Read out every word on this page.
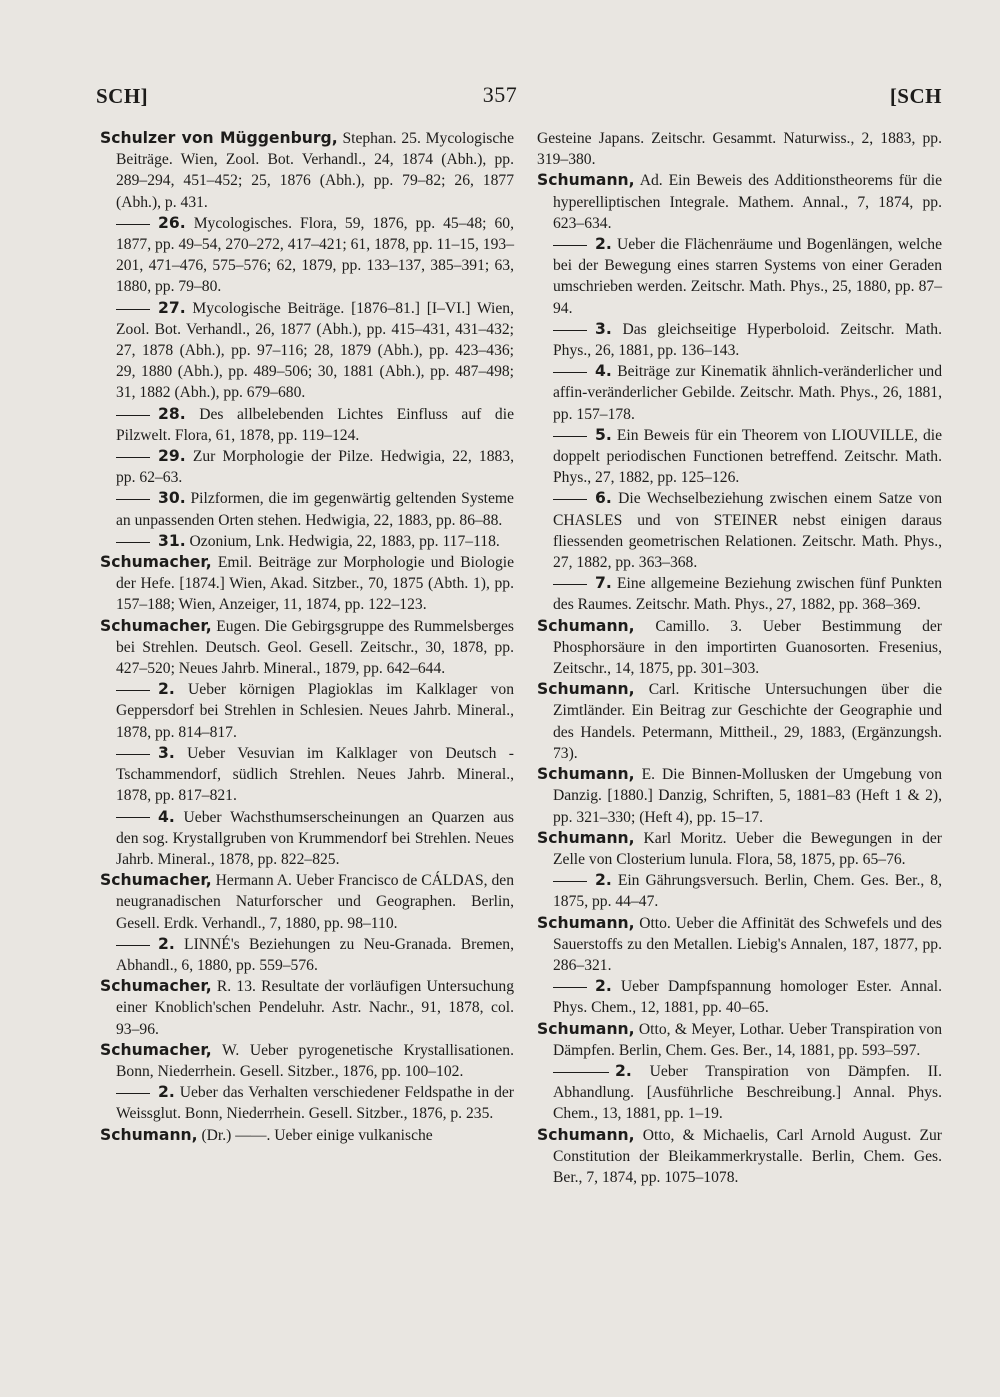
SCH]	357	[SCH

Schulzer von Müggenburg, Stephan. 25. Mycologische Beiträge. Wien, Zool. Bot. Verhandl., 24, 1874 (Abh.), pp. 289–294, 451–452; 25, 1876 (Abh.), pp. 79–82; 26, 1877 (Abh.), p. 431.

26. Mycologisches. Flora, 59, 1876, pp. 45–48; 60, 1877, pp. 49–54, 270–272, 417–421; 61, 1878, pp. 11–15, 193–201, 471–476, 575–576; 62, 1879, pp. 133–137, 385–391; 63, 1880, pp. 79–80.

27. Mycologische Beiträge. [1876–81.] [I–VI.] Wien, Zool. Bot. Verhandl., 26, 1877 (Abh.), pp. 415–431, 431–432; 27, 1878 (Abh.), pp. 97–116; 28, 1879 (Abh.), pp. 423–436; 29, 1880 (Abh.), pp. 489–506; 30, 1881 (Abh.), pp. 487–498; 31, 1882 (Abh.), pp. 679–680.

28. Des allbelebenden Lichtes Einfluss auf die Pilzwelt. Flora, 61, 1878, pp. 119–124.

29. Zur Morphologie der Pilze. Hedwigia, 22, 1883, pp. 62–63.

30. Pilzformen, die im gegenwärtig geltenden Systeme an unpassenden Orten stehen. Hedwigia, 22, 1883, pp. 86–88.

31. Ozonium, Lnk. Hedwigia, 22, 1883, pp. 117–118.

Schumacher, Emil. Beiträge zur Morphologie und Biologie der Hefe. [1874.] Wien, Akad. Sitzber., 70, 1875 (Abth. 1), pp. 157–188; Wien, Anzeiger, 11, 1874, pp. 122–123.

Schumacher, Eugen. Die Gebirgsgruppe des Rummelsberges bei Strehlen. Deutsch. Geol. Gesell. Zeitschr., 30, 1878, pp. 427–520; Neues Jahrb. Mineral., 1879, pp. 642–644.

2. Ueber körnigen Plagioklas im Kalklager von Geppersdorf bei Strehlen in Schlesien. Neues Jahrb. Mineral., 1878, pp. 814–817.

3. Ueber Vesuvian im Kalklager von Deutsch - Tschammendorf, südlich Strehlen. Neues Jahrb. Mineral., 1878, pp. 817–821.

4. Ueber Wachsthumserscheinungen an Quarzen aus den sog. Krystallgruben von Krummendorf bei Strehlen. Neues Jahrb. Mineral., 1878, pp. 822–825.

Schumacher, Hermann A. Ueber Francisco de CÁLDAS, den neugranadischen Naturforscher und Geographen. Berlin, Gesell. Erdk. Verhandl., 7, 1880, pp. 98–110.

2. LINNÉ's Beziehungen zu Neu-Granada. Bremen, Abhandl., 6, 1880, pp. 559–576.

Schumacher, R. 13. Resultate der vorläufigen Untersuchung einer Knoblich'schen Pendeluhr. Astr. Nachr., 91, 1878, col. 93–96.

Schumacher, W. Ueber pyrogenetische Krystallisationen. Bonn, Niederrhein. Gesell. Sitzber., 1876, pp. 100–102.

2. Ueber das Verhalten verschiedener Feldspathe in der Weissglut. Bonn, Niederrhein. Gesell. Sitzber., 1876, p. 235.

Schumann, (Dr.) ——. Ueber einige vulkanische

Gesteine Japans. Zeitschr. Gesammt. Naturwiss., 2, 1883, pp. 319–380.

Schumann, Ad. Ein Beweis des Additionstheorems für die hyperelliptischen Integrale. Mathem. Annal., 7, 1874, pp. 623–634.

2. Ueber die Flächenräume und Bogenlängen, welche bei der Bewegung eines starren Systems von einer Geraden umschrieben werden. Zeitschr. Math. Phys., 25, 1880, pp. 87–94.

3. Das gleichseitige Hyperboloid. Zeitschr. Math. Phys., 26, 1881, pp. 136–143.

4. Beiträge zur Kinematik ähnlich-veränderlicher und affin-veränderlicher Gebilde. Zeitschr. Math. Phys., 26, 1881, pp. 157–178.

5. Ein Beweis für ein Theorem von LIOUVILLE, die doppelt periodischen Functionen betreffend. Zeitschr. Math. Phys., 27, 1882, pp. 125–126.

6. Die Wechselbeziehung zwischen einem Satze von CHASLES und von STEINER nebst einigen daraus fliessenden geometrischen Relationen. Zeitschr. Math. Phys., 27, 1882, pp. 363–368.

7. Eine allgemeine Beziehung zwischen fünf Punkten des Raumes. Zeitschr. Math. Phys., 27, 1882, pp. 368–369.

Schumann, Camillo. 3. Ueber Bestimmung der Phosphorsäure in den importirten Guanosorten. Fresenius, Zeitschr., 14, 1875, pp. 301–303.

Schumann, Carl. Kritische Untersuchungen über die Zimtländer. Ein Beitrag zur Geschichte der Geographie und des Handels. Petermann, Mittheil., 29, 1883, (Ergänzungsh. 73).

Schumann, E. Die Binnen-Mollusken der Umgebung von Danzig. [1880.] Danzig, Schriften, 5, 1881–83 (Heft 1 & 2), pp. 321–330; (Heft 4), pp. 15–17.

Schumann, Karl Moritz. Ueber die Bewegungen in der Zelle von Closterium lunula. Flora, 58, 1875, pp. 65–76.

2. Ein Gährungsversuch. Berlin, Chem. Ges. Ber., 8, 1875, pp. 44–47.

Schumann, Otto. Ueber die Affinität des Schwefels und des Sauerstoffs zu den Metallen. Liebig's Annalen, 187, 1877, pp. 286–321.

2. Ueber Dampfspannung homologer Ester. Annal. Phys. Chem., 12, 1881, pp. 40–65.

Schumann, Otto, & Meyer, Lothar. Ueber Transpiration von Dämpfen. Berlin, Chem. Ges. Ber., 14, 1881, pp. 593–597.

2. Ueber Transpiration von Dämpfen. II. Abhandlung. [Ausführliche Beschreibung.] Annal. Phys. Chem., 13, 1881, pp. 1–19.

Schumann, Otto, & Michaelis, Carl Arnold August. Zur Constitution der Bleikammerkrystalle. Berlin, Chem. Ges. Ber., 7, 1874, pp. 1075–1078.
